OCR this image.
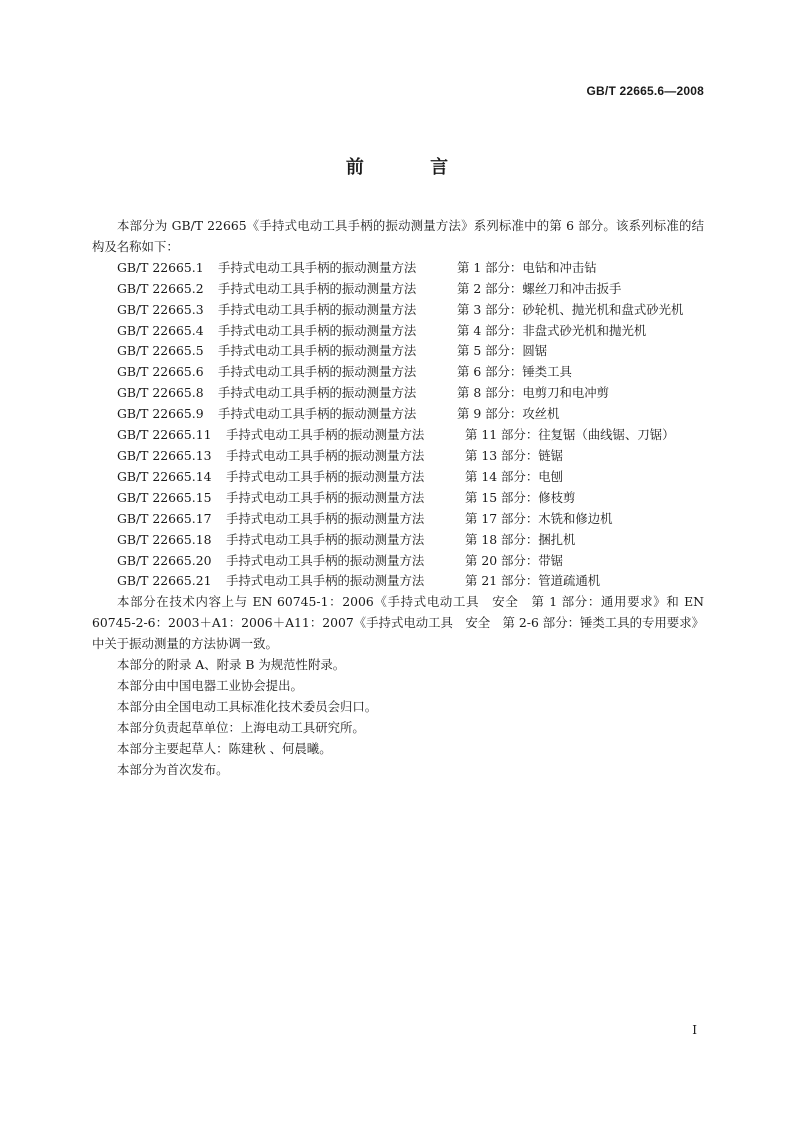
GB/T 22665.6—2008
前 言

本部分为 GB/T 22665《手持式电动工具手柄的振动测量方法》系列标准中的第 6 部分。该系列标准的结构及名称如下：

GB/T 22665.1 手持式电动工具手柄的振动测量方法	第 1 部分：电钻和冲击钻
GB/T 22665.2 手持式电动工具手柄的振动测量方法	第 2 部分：螺丝刀和冲击扳手
GB/T 22665.3 手持式电动工具手柄的振动测量方法	第 3 部分：砂轮机、抛光机和盘式砂光机
GB/T 22665.4 手持式电动工具手柄的振动测量方法	第 4 部分：非盘式砂光机和抛光机
GB/T 22665.5 手持式电动工具手柄的振动测量方法	第 5 部分：圆锯
GB/T 22665.6 手持式电动工具手柄的振动测量方法	第 6 部分：锤类工具
GB/T 22665.8 手持式电动工具手柄的振动测量方法	第 8 部分：电剪刀和电冲剪
GB/T 22665.9 手持式电动工具手柄的振动测量方法	第 9 部分：攻丝机
GB/T 22665.11 手持式电动工具手柄的振动测量方法	第 11 部分：往复锯（曲线锯、刀锯）
GB/T 22665.13 手持式电动工具手柄的振动测量方法	第 13 部分：链锯
GB/T 22665.14 手持式电动工具手柄的振动测量方法	第 14 部分：电刨
GB/T 22665.15 手持式电动工具手柄的振动测量方法	第 15 部分：修枝剪
GB/T 22665.17 手持式电动工具手柄的振动测量方法	第 17 部分：木铣和修边机
GB/T 22665.18 手持式电动工具手柄的振动测量方法	第 18 部分：捆扎机
GB/T 22665.20 手持式电动工具手柄的振动测量方法	第 20 部分：带锯
GB/T 22665.21 手持式电动工具手柄的振动测量方法	第 21 部分：管道疏通机

本部分在技术内容上与 EN 60745-1：2006《手持式电动工具　安全　第 1 部分：通用要求》和 EN 60745-2-6：2003＋A1：2006＋A11：2007《手持式电动工具　安全　第 2-6 部分：锤类工具的专用要求》中关于振动测量的方法协调一致。

本部分的附录 A、附录 B 为规范性附录。

本部分由中国电器工业协会提出。

本部分由全国电动工具标准化技术委员会归口。

本部分负责起草单位：上海电动工具研究所。

本部分主要起草人：陈建秋 、何晨曦。

本部分为首次发布。

I
